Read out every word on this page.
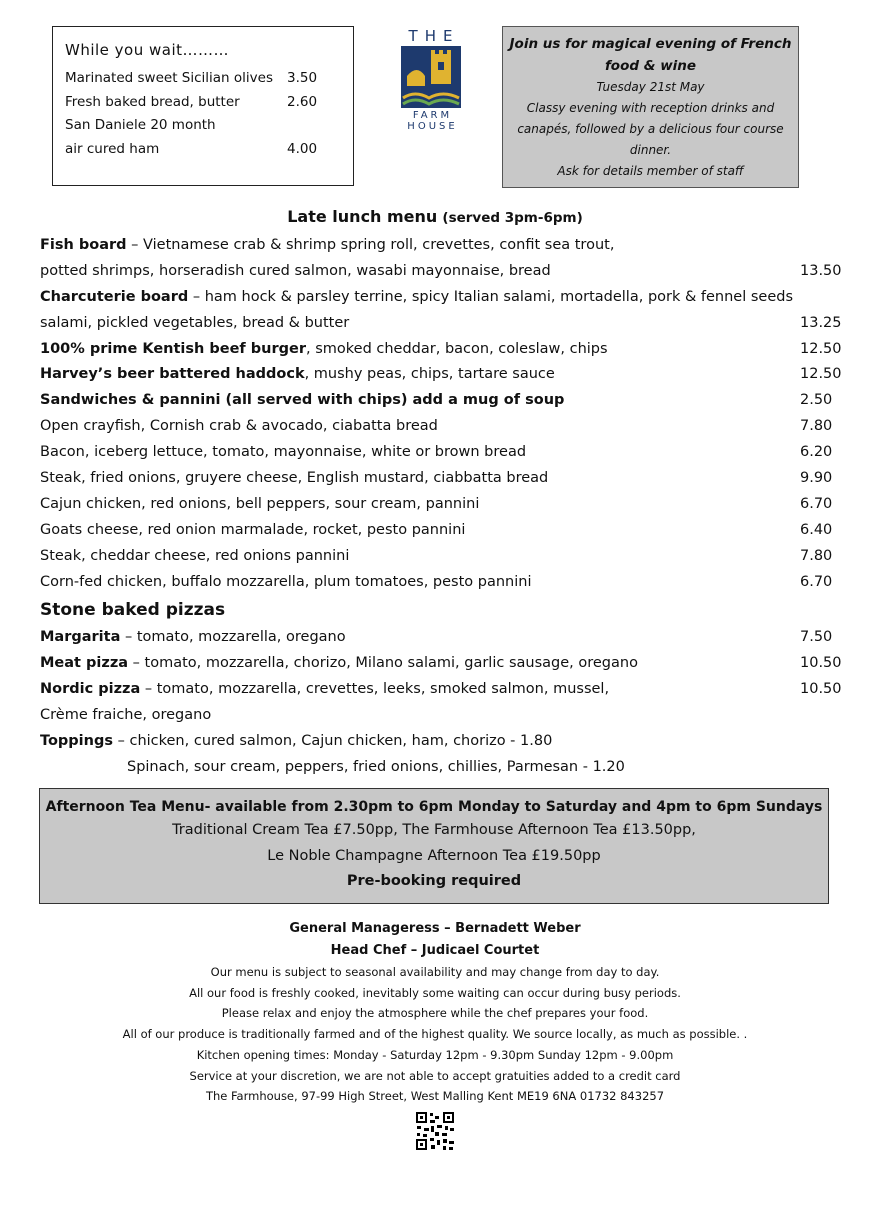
While you wait………
Marinated sweet Sicilian olives	3.50
Fresh baked bread, butter	2.60
San Daniele 20 month
air cured ham	4.00
THE
FARM
HOUSE
Join us for magical evening of French
food & wine
Tuesday 21st May
Classy evening with reception drinks and
canapés, followed by a delicious four course
dinner.
Ask for details member of staff
Late lunch menu (served 3pm-6pm)
Fish board – Vietnamese crab & shrimp spring roll, crevettes, confit sea trout,
potted shrimps, horseradish cured salmon, wasabi mayonnaise, bread	13.50
Charcuterie board – ham hock & parsley terrine, spicy Italian salami, mortadella, pork & fennel seeds
salami, pickled vegetables, bread & butter	13.25
100% prime Kentish beef burger, smoked cheddar, bacon, coleslaw, chips	12.50
Harvey’s beer battered haddock, mushy peas, chips, tartare sauce	12.50
Sandwiches & pannini (all served with chips) add a mug of soup	2.50
Open crayfish, Cornish crab & avocado, ciabatta bread	7.80
Bacon, iceberg lettuce, tomato, mayonnaise, white or brown bread	6.20
Steak, fried onions, gruyere cheese, English mustard, ciabbatta bread	9.90
Cajun chicken, red onions, bell peppers, sour cream, pannini	6.70
Goats cheese, red onion marmalade, rocket, pesto pannini	6.40
Steak, cheddar cheese, red onions pannini	7.80
Corn-fed chicken, buffalo mozzarella, plum tomatoes, pesto pannini	6.70
Stone baked pizzas
Margarita – tomato, mozzarella, oregano	7.50
Meat pizza – tomato, mozzarella, chorizo, Milano salami, garlic sausage, oregano	10.50
Nordic pizza – tomato, mozzarella, crevettes, leeks, smoked salmon, mussel,	10.50
Crème fraiche, oregano
Toppings – chicken, cured salmon, Cajun chicken, ham, chorizo - 1.80
Spinach, sour cream, peppers, fried onions, chillies, Parmesan - 1.20
Afternoon Tea Menu- available from 2.30pm to 6pm Monday to Saturday and 4pm to 6pm Sundays
Traditional Cream Tea £7.50pp, The Farmhouse Afternoon Tea £13.50pp,
Le Noble Champagne Afternoon Tea £19.50pp
Pre-booking required
General Manageress – Bernadett Weber
Head Chef – Judicael Courtet
Our menu is subject to seasonal availability and may change from day to day.
All our food is freshly cooked, inevitably some waiting can occur during busy periods.
Please relax and enjoy the atmosphere while the chef prepares your food.
All of our produce is traditionally farmed and of the highest quality. We source locally, as much as possible. .
Kitchen opening times: Monday - Saturday 12pm - 9.30pm Sunday 12pm - 9.00pm
Service at your discretion, we are not able to accept gratuities added to a credit card
The Farmhouse, 97-99 High Street, West Malling Kent ME19 6NA 01732 843257
